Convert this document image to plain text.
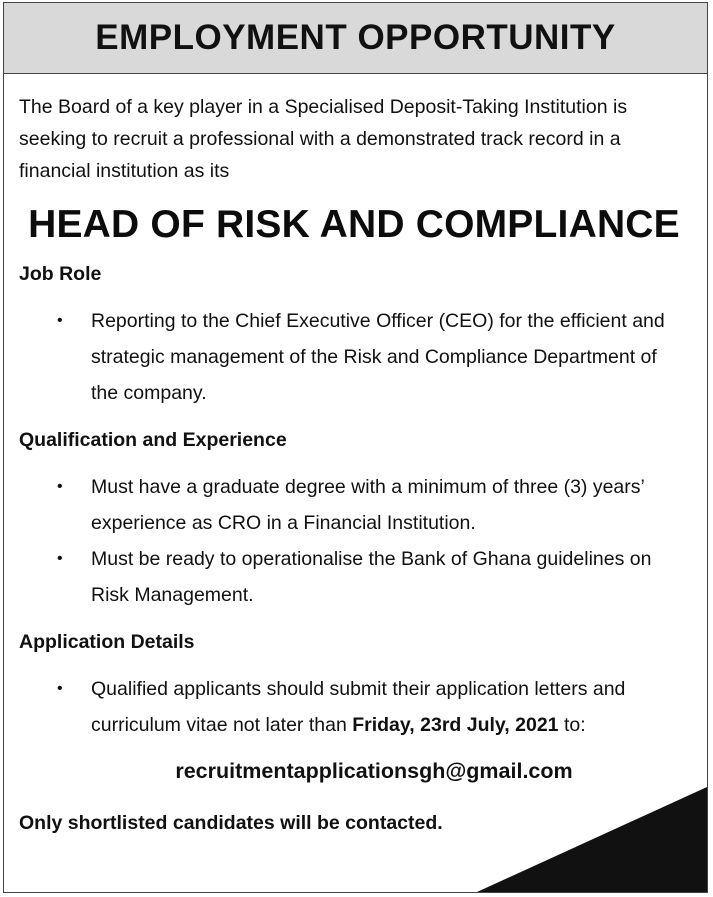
EMPLOYMENT OPPORTUNITY

The Board of a key player in a Specialised Deposit-Taking Institution is seeking to recruit a professional with a demonstrated track record in a financial institution as its

HEAD OF RISK AND COMPLIANCE
Job Role
•	Reporting to the Chief Executive Officer (CEO) for the efficient and strategic management of the Risk and Compliance Department of the company.
Qualification and Experience
•	Must have a graduate degree with a minimum of three (3) years’ experience as CRO in a Financial Institution.
•	Must be ready to operationalise the Bank of Ghana guidelines on Risk Management.
Application Details
•	Qualified applicants should submit their application letters and curriculum vitae not later than Friday, 23rd July, 2021 to:
recruitmentapplicationsgh@gmail.com

Only shortlisted candidates will be contacted.
